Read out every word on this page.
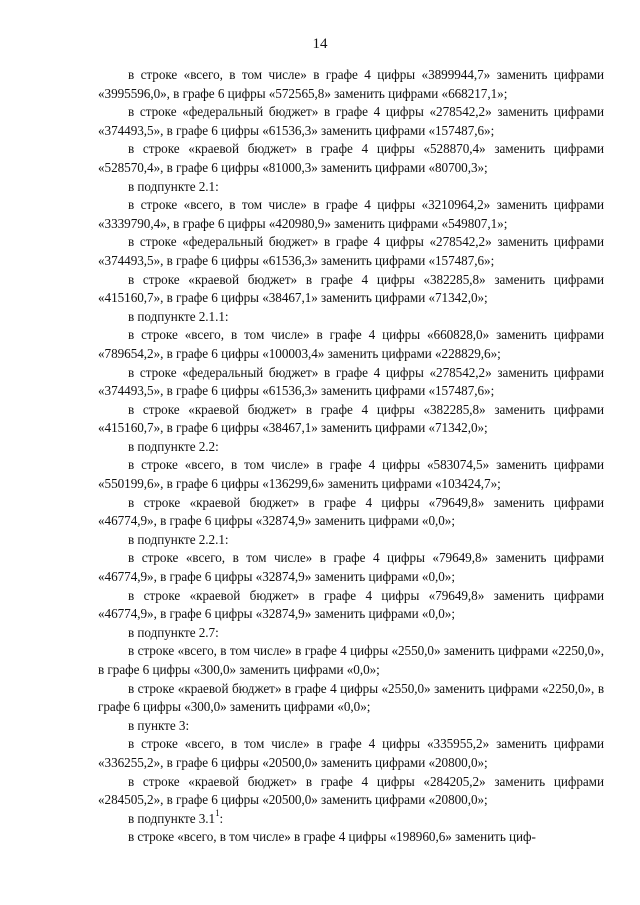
14

в строке «всего, в том числе» в графе 4 цифры «3899944,7» заменить цифрами «3995596,0», в графе 6 цифры «572565,8» заменить цифрами «668217,1»;

в строке «федеральный бюджет» в графе 4 цифры «278542,2» заменить цифрами «374493,5», в графе 6 цифры «61536,3» заменить цифрами «157487,6»;

в строке «краевой бюджет» в графе 4 цифры «528870,4» заменить цифрами «528570,4», в графе 6 цифры «81000,3» заменить цифрами «80700,3»;

в подпункте 2.1:

в строке «всего, в том числе» в графе 4 цифры «3210964,2» заменить цифрами «3339790,4», в графе 6 цифры «420980,9» заменить цифрами «549807,1»;

в строке «федеральный бюджет» в графе 4 цифры «278542,2» заменить цифрами «374493,5», в графе 6 цифры «61536,3» заменить цифрами «157487,6»;

в строке «краевой бюджет» в графе 4 цифры «382285,8» заменить цифрами «415160,7», в графе 6 цифры «38467,1» заменить цифрами «71342,0»;

в подпункте 2.1.1:

в строке «всего, в том числе» в графе 4 цифры «660828,0» заменить цифрами «789654,2», в графе 6 цифры «100003,4» заменить цифрами «228829,6»;

в строке «федеральный бюджет» в графе 4 цифры «278542,2» заменить цифрами «374493,5», в графе 6 цифры «61536,3» заменить цифрами «157487,6»;

в строке «краевой бюджет» в графе 4 цифры «382285,8» заменить цифрами «415160,7», в графе 6 цифры «38467,1» заменить цифрами «71342,0»;

в подпункте 2.2:

в строке «всего, в том числе» в графе 4 цифры «583074,5» заменить цифрами «550199,6», в графе 6 цифры «136299,6» заменить цифрами «103424,7»;

в строке «краевой бюджет» в графе 4 цифры «79649,8» заменить цифрами «46774,9», в графе 6 цифры «32874,9» заменить цифрами «0,0»;

в подпункте 2.2.1:

в строке «всего, в том числе» в графе 4 цифры «79649,8» заменить цифрами «46774,9», в графе 6 цифры «32874,9» заменить цифрами «0,0»;

в строке «краевой бюджет» в графе 4 цифры «79649,8» заменить цифрами «46774,9», в графе 6 цифры «32874,9» заменить цифрами «0,0»;

в подпункте 2.7:

в строке «всего, в том числе» в графе 4 цифры «2550,0» заменить цифрами «2250,0», в графе 6 цифры «300,0» заменить цифрами «0,0»;

в строке «краевой бюджет» в графе 4 цифры «2550,0» заменить цифрами «2250,0», в графе 6 цифры «300,0» заменить цифрами «0,0»;

в пункте 3:

в строке «всего, в том числе» в графе 4 цифры «335955,2» заменить цифрами «336255,2», в графе 6 цифры «20500,0» заменить цифрами «20800,0»;

в строке «краевой бюджет» в графе 4 цифры «284205,2» заменить цифрами «284505,2», в графе 6 цифры «20500,0» заменить цифрами «20800,0»;

в подпункте $3.1^1$:

в строке «всего, в том числе» в графе 4 цифры «198960,6» заменить циф-
